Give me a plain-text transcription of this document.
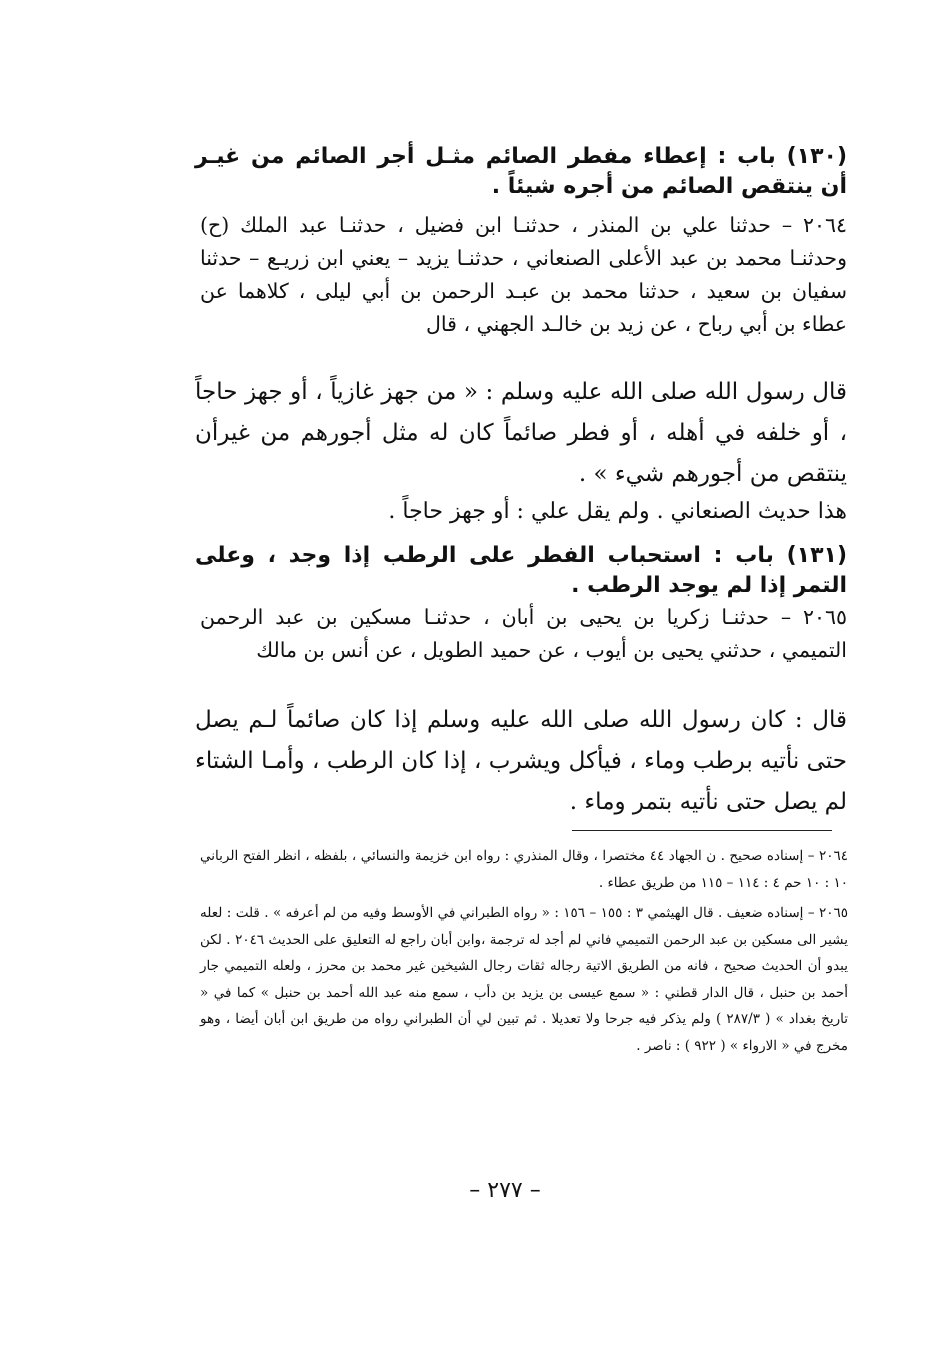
(١٣٠) باب : إعطاء مفطر الصائم مثـل أجر الصائم من غيـر أن ينتقص الصائم من أجره شيئاً .

٢٠٦٤ – حدثنا علي بن المنذر ، حدثنـا ابن فضيل ، حدثنـا عبد الملك (ح) وحدثنـا محمد بن عبد الأعلى الصنعاني ، حدثنـا يزيد – يعني ابن زريـع – حدثنا سفيان بن سعيد ، حدثنا محمد بن عبـد الرحمن بن أبي ليلى ، كلاهما عن عطاء بن أبي رباح ، عن زيد بن خالـد الجهني ، قال

قال رسول الله صلى الله عليه وسلم : « من جهز غازياً ، أو جهز حاجاً ، أو خلفه في أهله ، أو فطر صائماً كان له مثل أجورهم من غيرأن ينتقص من أجورهم شيء » .

هذا حديث الصنعاني . ولم يقل علي : أو جهز حاجاً .

(١٣١) باب : استحباب الفطر على الرطب إذا وجد ، وعلى التمر إذا لم يوجد الرطب .

٢٠٦٥ – حدثنـا زكريا بن يحيى بن أبان ، حدثنـا مسكين بن عبد الرحمن التميمي ، حدثني يحيى بن أيوب ، عن حميد الطويل ، عن أنس بن مالك

قال : كان رسول الله صلى الله عليه وسلم إذا كان صائماً لـم يصل حتى نأتيه برطب وماء ، فيأكل ويشرب ، إذا كان الرطب ، وأمـا الشتاء لم يصل حتى نأتيه بتمر وماء .

٢٠٦٤ – إسناده صحيح . ن الجهاد ٤٤ مختصرا ، وقال المنذري : رواه ابن خزيمة والنسائي ، بلفظه ، انظر الفتح الرباني ١٠ : ١٠ حم ٤ : ١١٤ – ١١٥ من طريق عطاء .

٢٠٦٥ – إسناده ضعيف . قال الهيثمي ٣ : ١٥٥ – ١٥٦ : « رواه الطبراني في الأوسط وفيه من لم أعرفه » . قلت : لعله يشير الى مسكين بن عبد الرحمن التميمي فاني لم أجد له ترجمة ،وابن أبان راجع له التعليق على الحديث ٢٠٤٦ . لكن يبدو أن الحديث صحيح ، فانه من الطريق الاتية رجاله ثقات رجال الشيخين غير محمد بن محرز ، ولعله التميمي جار أحمد بن حنبل ، قال الدار قطني : « سمع عيسى بن يزيد بن دأب ، سمع منه عبد الله أحمد بن حنبل » كما في « تاريخ بغداد » ( ٢٨٧/٣ ) ولم يذكر فيه جرحا ولا تعديلا . ثم تبين لي أن الطبراني رواه من طريق ابن أبان أيضا ، وهو مخرج في « الارواء » ( ٩٢٢ ) : ناصر .

– ٢٧٧ –
